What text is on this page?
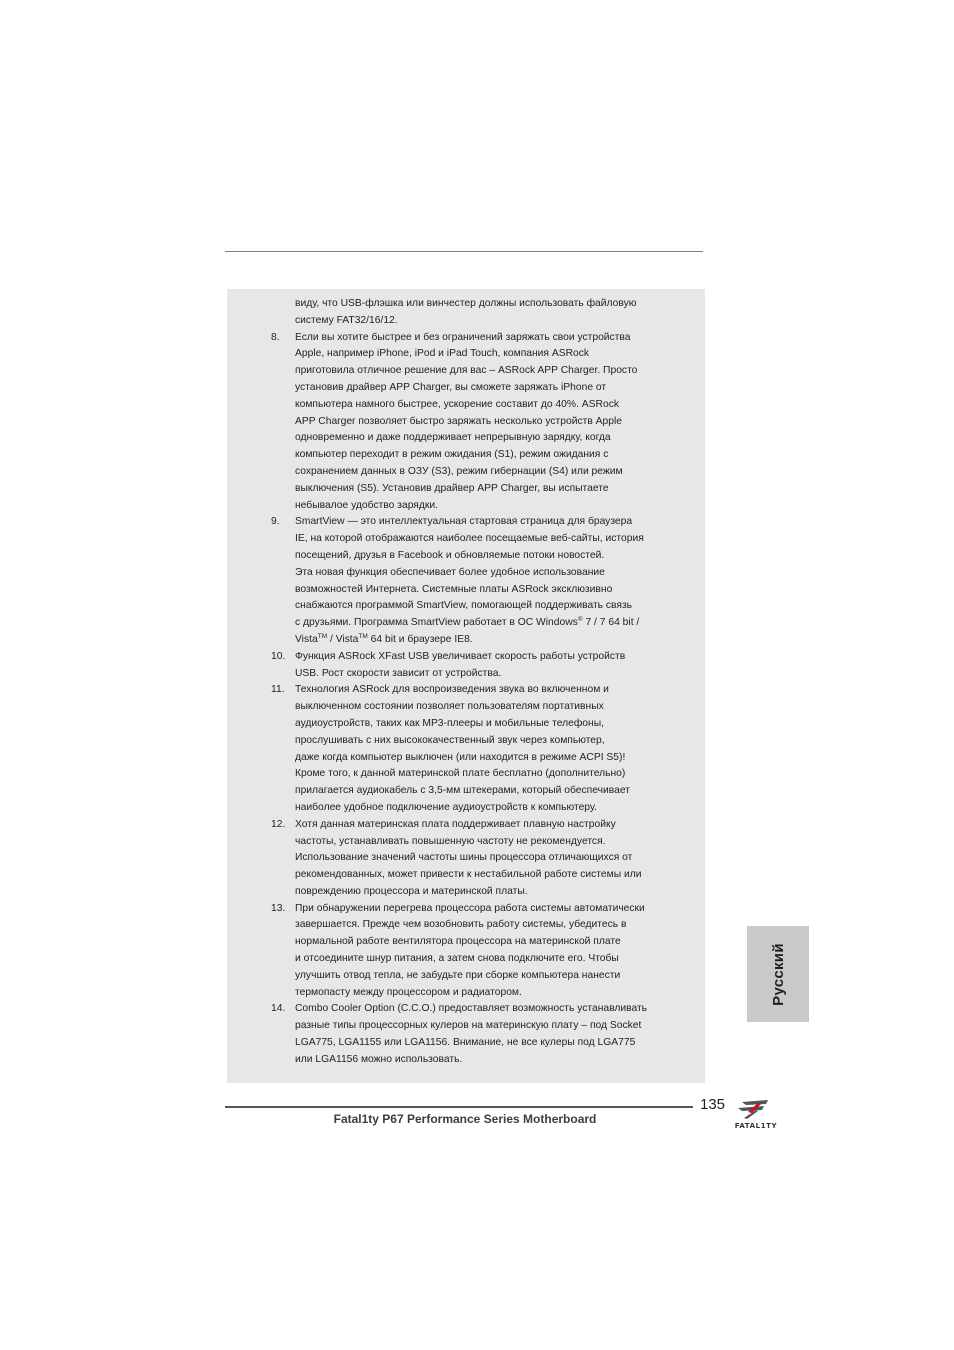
виду, что USB-флэшка или винчестер должны использовать файловую
систему FAT32/16/12.
8.	Если вы хотите быстрее и без ограничений заряжать свои устройства
Apple, например iPhone, iPod и iPad Touch, компания ASRock
приготовила отличное решение для вас – ASRock APP Charger. Просто
установив драйвер APP Charger, вы сможете заряжать iPhone от
компьютера намного быстрее, ускорение составит до 40%. ASRock
APP Charger позволяет быстро заряжать несколько устройств Apple
одновременно и даже поддерживает непрерывную зарядку, когда
компьютер переходит в режим ожидания (S1), режим ожидания с
сохранением данных в ОЗУ (S3), режим гибернации (S4) или режим
выключения (S5). Установив драйвер APP Charger, вы испытаете
небывалое удобство зарядки.
9.	SmartView — это интеллектуальная стартовая страница для браузера
IE, на которой отображаются наиболее посещаемые веб-сайты, история
посещений, друзья в Facebook и обновляемые потоки новостей.
Эта новая функция обеспечивает более удобное использование
возможностей Интернета. Системные платы ASRock эксклюзивно
снабжаются программой SmartView, помогающей поддерживать связь
с друзьями. Программа SmartView работает в ОС Windows® 7 / 7 64 bit /
Vista™ / Vista™ 64 bit и браузере IE8.
10. Функция ASRock XFast USB увеличивает скорость работы устройств
USB. Рост скорости зависит от устройства.
11.	Технология ASRock для воспроизведения звука во включенном и
выключенном состоянии позволяет пользователям портативных
аудиоустройств, таких как MP3-плееры и мобильные телефоны,
прослушивать с них высококачественный звук через компьютер,
даже когда компьютер выключен (или находится в режиме ACPI S5)!
Кроме того, к данной материнской плате бесплатно (дополнительно)
прилагается аудиокабель с 3,5-мм штекерами, который обеспечивает
наиболее удобное подключение аудиоустройств к компьютеру.
12. Хотя данная материнская плата поддерживает плавную настройку
частоты, устанавливать повышенную частоту не рекомендуется.
Использование значений частоты шины процессора отличающихся от
рекомендованных, может привести к нестабильной работе системы или
повреждению процессора и материнской платы.
13. При обнаружении перегрева процессора работа системы автоматически
завершается. Прежде чем возобновить работу системы, убедитесь в
нормальной работе вентилятора процессора на материнской плате
и отсоедините шнур питания, а затем снова подключите его. Чтобы
улучшить отвод тепла, не забудьте при сборке компьютера нанести
термопасту между процессором и радиатором.
14. Combo Cooler Option (C.C.O.) предоставляет возможность устанавливать
разные типы процессорных кулеров на материнскую плату – под Socket
LGA775, LGA1155 или LGA1156. Внимание, не все кулеры под LGA775
или LGA1156 можно использовать.
Русский
135
Fatal1ty P67 Performance Series Motherboard	FATAL1TY
